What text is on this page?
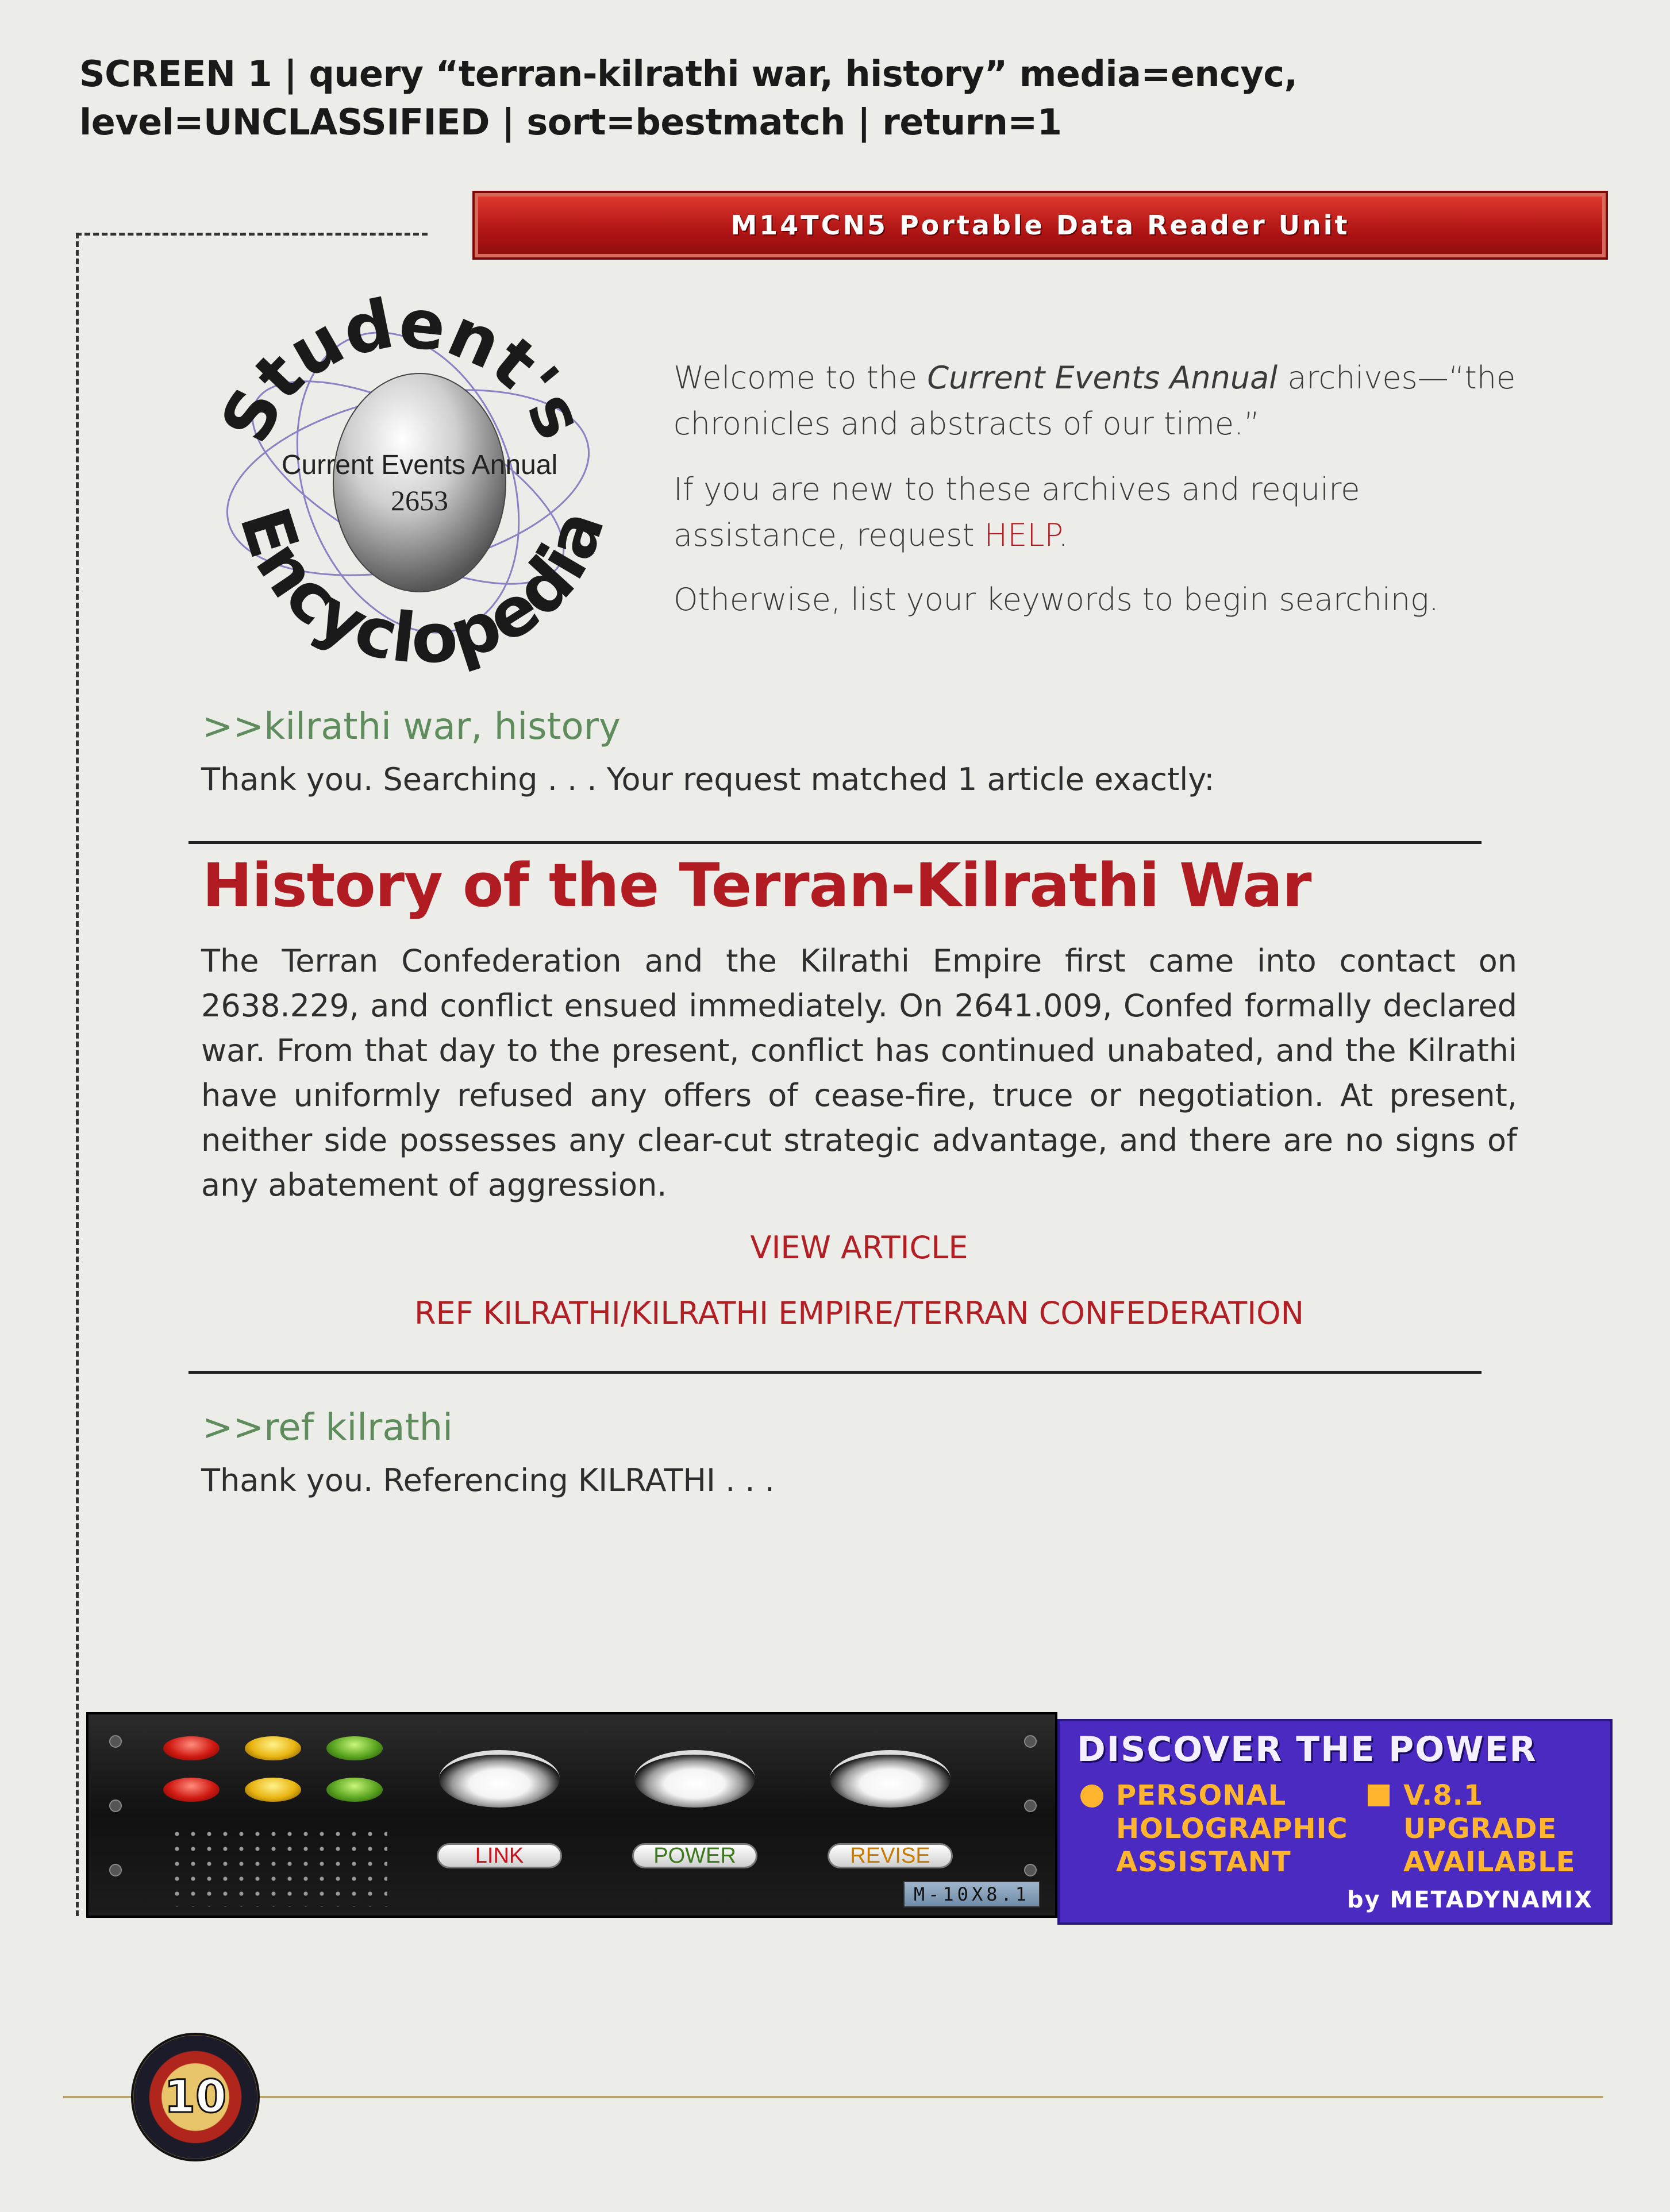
SCREEN 1 | query “terran-kilrathi war, history” media=encyc,
level=UNCLASSIFIED | sort=bestmatch | return=1
M14TCN5 Portable Data Reader Unit
Student's
Encyclopedia
Current Events Annual
2653
Welcome to the Current Events Annual archives—“the chronicles and abstracts of our time.”
If you are new to these archives and require assistance, request HELP.
Otherwise, list your keywords to begin searching.
>>kilrathi war, history
Thank you. Searching . . . Your request matched 1 article exactly:
History of the Terran-Kilrathi War
The Terran Confederation and the Kilrathi Empire first came into contact on 2638.229, and conflict ensued immediately. On 2641.009, Confed formally declared war. From that day to the present, conflict has continued unabated, and the Kilrathi have uniformly refused any offers of cease-fire, truce or negotiation. At present, neither side possesses any clear-cut strategic advantage, and there are no signs of any abatement of aggression.
VIEW ARTICLE
REF KILRATHI/KILRATHI EMPIRE/TERRAN CONFEDERATION
>>ref kilrathi
Thank you. Referencing KILRATHI . . .
LINK	POWER	REVISE
M-10X8.1
DISCOVER THE POWER
PERSONAL
HOLOGRAPHIC
ASSISTANT
V.8.1
UPGRADE
AVAILABLE
by METADYNAMIX
10
